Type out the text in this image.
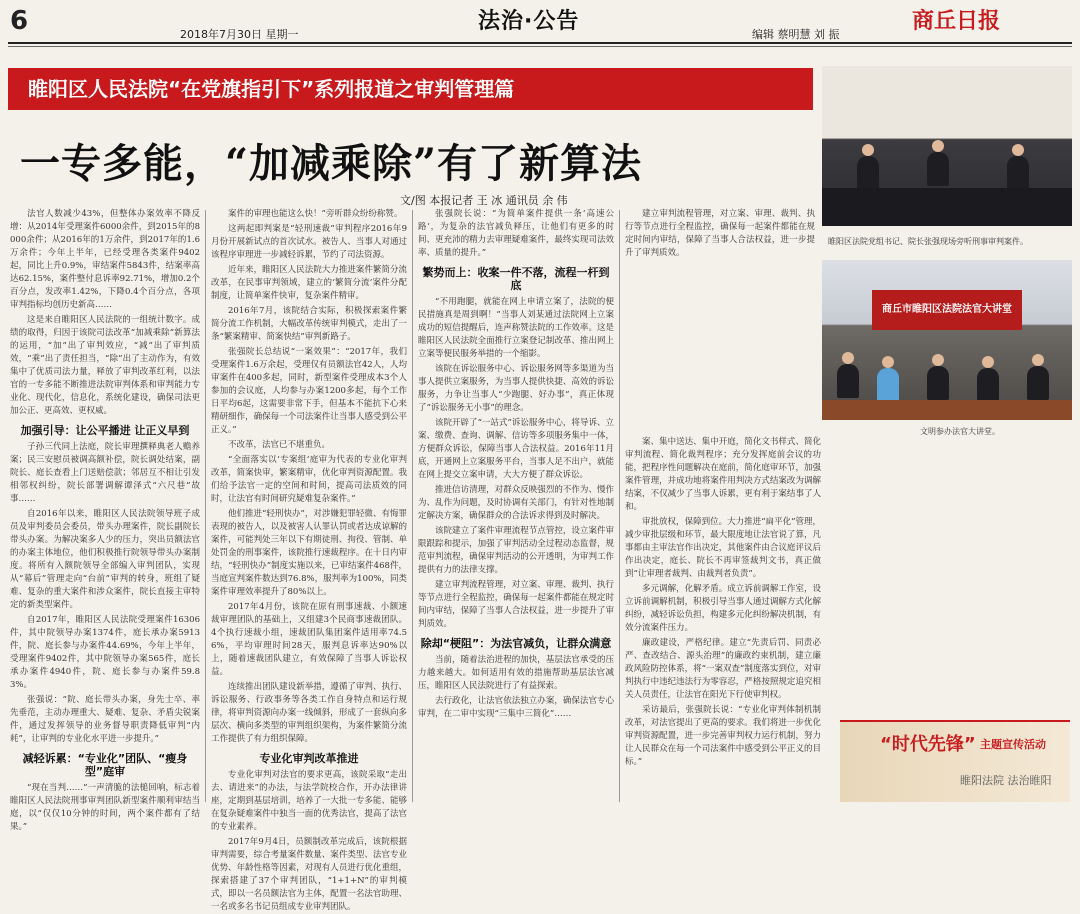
6	2018年7月30日 星期一
法治·公告
编辑 蔡明慧 刘 振
商丘日报
睢阳区人民法院“在党旗指引下”系列报道之审判管理篇
一专多能，“加减乘除”有了新算法
文/图 本报记者 王 冰 通讯员 余 伟

法官人数减少43%，但整体办案效率不降反增：从2014年受理案件6000余件，到2015年的8000余件；从2016年的1万余件，到2017年的1.6万余件；今年上半年，已经受理各类案件9402起，同比上升0.9%，审结案件5843件，结案率高达62.15%，案件整付息诉率92.71%，增加0.2个百分点，发改率1.42%，下降0.4个百分点，各项审判指标均创历史新高……

这是来自睢阳区人民法院的一组统计数字。成绩的取得，归因于该院司法改革“加减乘除”新算法的运用，“加”出了审判效应，“减”出了审判质效，“乘”出了责任担当，“除”出了主动作为，有效集中了优质司法力量，释放了审判改革红利，以法官的一专多能不断推进法院审判体系和审判能力专业化、现代化，信息化，系统化建设，确保司法更加公正、更高效、更权威。

加强引导：让公平播进 让正义早到

子孙三代同上法庭，院长审理撰释典老人赡养案；民三安慰员被调高额补偿，院长调处结案，副院长、庭长查看上门送赔偿款；邻居互不相让引发相邻权纠纷，院长部署调解谭泽式“六尺巷”故事……

自2016年以来，睢阳区人民法院领导班子成员及审判委员会委员，带头办理案件，院长副院长带头办案。为解决案多人少的压力，突出员额法官的办案主体地位，他们积极推行院领导带头办案制度。将所有入额院领导全部编入审判团队，实现从“幕后”管理走向“台前”审判的转身，班组了疑难、复杂的重大案件和涉众案件，院长直接主审特定的新类型案件。

自2017年，睢阳区人民法院受理案件16306件，其中院领导办案1374件，庭长承办案5913件，院、庭长参与办案件44.69%，今年上半年，受理案件9402件，其中院领导办案565件，庭长承办案件4940件，院、庭长参与办案件59.83%。

张强说：“院、庭长带头办案，身先士卒、率先垂范，主动办理重大、疑难、复杂、矛盾尖锐案件，通过发挥领导的业务督导职责降低审判“内耗”，让审判的专业化水平进一步提升。”

减轻诉累：“专业化”团队、“瘦身型”庭审

“现在当判……”一声清脆的法槌回响，标志着睢阳区人民法院刑事审判团队新型案件顺利审结当庭，以“仅仅10分钟的时间，两个案件都有了结果。”

案件的审理也能这么快！”旁听群众纷纷称赞。

这两起即判案是“轻刑速裁”审判程序2016年9月份开展新试点的首次试水。被告人、当事人对通过该程序审理进一步减轻诉累，节约了司法资源。

近年来，睢阳区人民法院大力推进案件繁简分流改革，在民事审判领域，建立的‘繁简分流’案件分配制度，让简单案件快审，复杂案件精审。

2016年7月，该院结合实际，积极探索案件繁简分流工作机制，大幅改革传统审判模式，走出了一条“繁案精审、简案快结”审判新路子。

张强院长总结说“一案效果”：“2017年，我们受理案件1.6万余起，受理仅有员额法官42人，人均审案件在400多起，同时，新型案件受理成本3个人参加的会议庭，人均参与办案1200多起，每个工作日平均6起，这需要非常下手，但基本不能抗下心来精研细作，确保每一个司法案件让当事人感受到公平正义。”

不改革，法官已不堪重负。

“全面落实以‘专案组’庭审为代表的专业化审判改革，简案快审，繁案精审，优化审判资源配置。我们给予法官一定的空间和时间，提高司法质效的同时，让法官有时间研究疑难复杂案件。”

他们推进“轻刑快办”，对涉嫌犯罪轻微、有悔罪表现的被告人，以及被害人认罪认罚或者达成谅解的案件，可能判处三年以下有期徒刑、拘役、管制、单处罚金的刑事案件，该院推行速裁程序。在十日内审结，“轻刑快办”制度实施以来，已审结案件468件，当庭宣判案件数达到76.8%，服判率为100%，同类案件审理效率提升了80%以上。

2017年4月份，该院在原有刑事速裁、小额速裁审理团队的基础上，又组建3个民商事速裁团队。4个执行速裁小组，速裁团队集团案件适用率74.56%，平均审理时间28天，服判息诉率达90%以上，随着速裁团队建立，有效保障了当事人诉讼权益。

连续推出团队建设新举措，遵循了审判、执行、诉讼服务、行政事务等各类工作自身特点和运行规律，将审判资源向办案一线倾斜，形成了一套纵向多层次、横向多类型的审判组织架构，为案件繁简分流工作提供了有力组织保障。

专业化审判改革推进

专业化审判对法官的要求更高，该院采取“走出去、请进来”的办法，与法学院校合作，开办法律讲座，定期到基层培训，培养了一大批一专多能、能够在复杂疑难案件中独当一面的优秀法官，提高了法官的专业素养。

2017年9月4日，员额制改革完成后，该院根据审判需要，综合考量案件数量、案件类型、法官专业优势、年龄性格等因素，对现有人员进行优化重组，探索搭建了37个审判团队，“1+1+N”的审判模式，即以一名员额法官为主体，配置一名法官助理、一名或多名书记员组成专业审判团队。

张强院长说：“为简单案件提供一条‘高速公路’，为复杂的法官减负释压，让他们有更多的时间、更充沛的精力去审理疑难案件，最终实现司法效率、质量的提升。”

繁势而上：收案一件不落，流程一杆到底

“不用跑腿，就能在网上申请立案了，法院的便民措施真是周到啊！”当事人刘某通过法院网上立案成功的短信提醒后，连声称赞法院的工作效率。这是睢阳区人民法院全面推行立案登记制改革、推出网上立案等便民服务举措的一个缩影。

该院在诉讼服务中心、诉讼服务网等多渠道为当事人提供立案服务，为当事人提供快捷、高效的诉讼服务，力争让当事人“少跑腿、好办事”，真正体现了“诉讼服务无小事”的理念。

该院开辟了“一站式”诉讼服务中心，将导诉、立案、缴费、查询、调解、信访等多项服务集中一体，方便群众诉讼，保障当事人合法权益。2016年11月底，开通网上立案服务平台，当事人足不出户，就能在网上提交立案申请，大大方便了群众诉讼。

推进信访清理，对群众反映强烈的不作为、慢作为、乱作为问题，及时协调有关部门，有针对性地制定解决方案，确保群众的合法诉求得到及时解决。

该院建立了案件审理流程节点管控，设立案件审限跟踪和提示，加强了审判活动全过程动态监督，规范审判流程，确保审判活动的公开透明，为审判工作提供有力的法律支撑。

建立审判流程管理，对立案、审理、裁判、执行等节点进行全程监控，确保每一起案件都能在规定时间内审结，保障了当事人合法权益，进一步提升了审判质效。

除却“梗阻”：为法官减负，让群众满意

当前，随着法治进程的加快，基层法官承受的压力越来越大。如何适用有效的措施帮助基层法官减压，睢阳区人民法院进行了有益探索。

去行政化，让法官依法独立办案，确保法官专心审判，在二审中实现“三集中三简化”……

案、集中送达、集中开庭，简化文书样式、简化审判流程、简化裁判程序；充分发挥庭前会议的功能，把程序性问题解决在庭前，简化庭审环节，加强案件管理，并成功地将案件用判决方式结案改为调解结案，不仅减少了当事人诉累，更有利于案结事了人和。

审批放权，保障到位。大力推进“扁平化”管理，减少审批层级和环节，最大限度地让法官说了算，凡事都由主审法官作出决定，其他案件由合议庭评议后作出决定，庭长、院长不再审签裁判文书，真正做到“让审理者裁判、由裁判者负责”。

多元调解，化解矛盾。成立诉前调解工作室，设立诉前调解机制，积极引导当事人通过调解方式化解纠纷，减轻诉讼负担，构建多元化纠纷解决机制，有效分流案件压力。

廉政建设，严格纪律。建立“先责后罚、同责必严、查改结合、源头治理”的廉政约束机制，建立廉政风险防控体系，将“一案双查”制度落实到位，对审判执行中违纪违法行为零容忍，严格按照规定追究相关人员责任，让法官在阳光下行使审判权。

采访最后，张强院长说：“专业化审判体制机制改革，对法官提出了更高的要求。我们将进一步优化审判资源配置，进一步完善审判权力运行机制，努力让人民群众在每一个司法案件中感受到公平正义的目标。”

建立审判流程管理，对立案、审理、裁判、执行等节点进行全程监控，确保每一起案件都能在规定时间内审结，保障了当事人合法权益，进一步提升了审判质效。

睢阳区法院党组书记、院长张强现场旁听刑事审判案件。
商丘市睢阳区法院法官大讲堂
文明参办法官大讲堂。
“时代先锋” 主题宣传活动
睢阳法院 法治睢阳
